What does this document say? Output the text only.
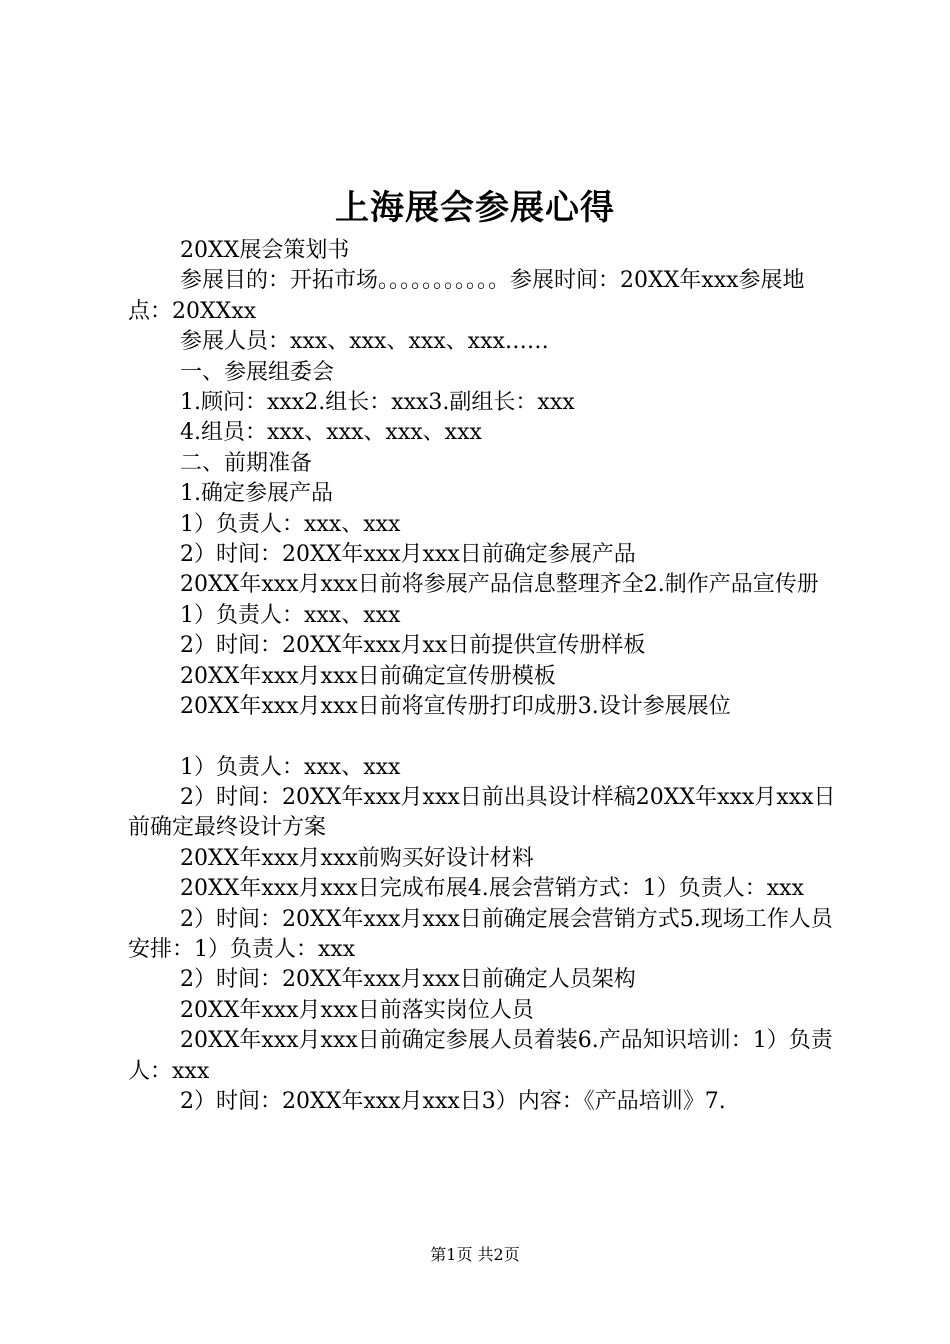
上海展会参展心得

20XX展会策划书

参展目的：开拓市场。。。。。。。。。。。参展时间：20XX年xxx参展地点：20XXxx

参展人员：xxx、xxx、xxx、xxx……

一、参展组委会

1.顾问：xxx2.组长：xxx3.副组长：xxx

4.组员：xxx、xxx、xxx、xxx

二、前期准备

1.确定参展产品

1）负责人：xxx、xxx

2）时间：20XX年xxx月xxx日前确定参展产品

20XX年xxx月xxx日前将参展产品信息整理齐全2.制作产品宣传册

1）负责人：xxx、xxx

2）时间：20XX年xxx月xx日前提供宣传册样板

20XX年xxx月xxx日前确定宣传册模板

20XX年xxx月xxx日前将宣传册打印成册3.设计参展展位

1）负责人：xxx、xxx

2）时间：20XX年xxx月xxx日前出具设计样稿20XX年xxx月xxx日前确定最终设计方案

20XX年xxx月xxx前购买好设计材料

20XX年xxx月xxx日完成布展4.展会营销方式：1）负责人：xxx

2）时间：20XX年xxx月xxx日前确定展会营销方式5.现场工作人员安排：1）负责人：xxx

2）时间：20XX年xxx月xxx日前确定人员架构

20XX年xxx月xxx日前落实岗位人员

20XX年xxx月xxx日前确定参展人员着装6.产品知识培训：1）负责人：xxx

2）时间：20XX年xxx月xxx日3）内容：《产品培训》7.

第1页 共2页
